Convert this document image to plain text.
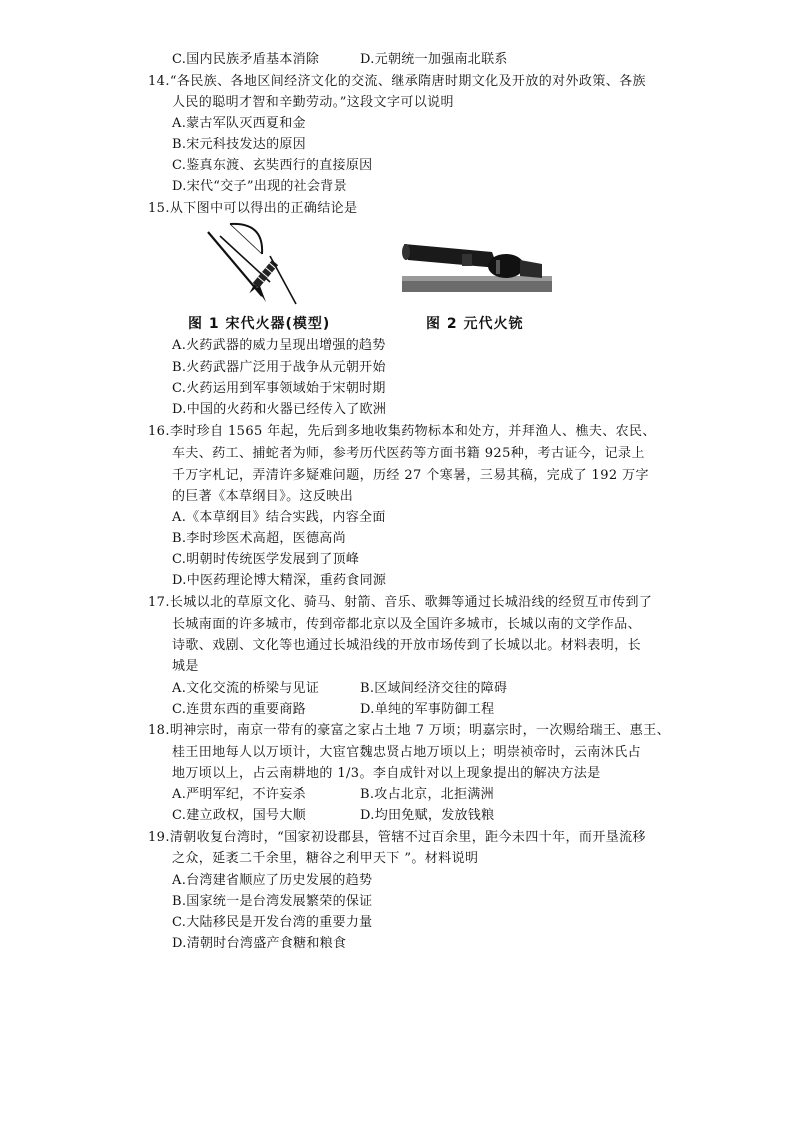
C.国内民族矛盾基本消除	D.元朝统一加强南北联系
14.“各民族、各地区间经济文化的交流、继承隋唐时期文化及开放的对外政策、各族
人民的聪明才智和辛勤劳动。”这段文字可以说明
A.蒙古军队灭西夏和金
B.宋元科技发达的原因
C.鉴真东渡、玄奘西行的直接原因
D.宋代“交子”出现的社会背景
15.从下图中可以得出的正确结论是
图 1 宋代火器(模型)	图 2 元代火铳
A.火药武器的威力呈现出增强的趋势
B.火药武器广泛用于战争从元朝开始
C.火药运用到军事领域始于宋朝时期
D.中国的火药和火器已经传入了欧洲
16.李时珍自 1565 年起，先后到多地收集药物标本和处方，并拜渔人、樵夫、农民、
车夫、药工、捕蛇者为师，参考历代医药等方面书籍 925种，考古证今，记录上
千万字札记，弄清许多疑难问题，历经 27 个寒暑，三易其稿，完成了 192 万字
的巨著《本草纲目》。这反映出
A.《本草纲目》结合实践，内容全面
B.李时珍医术高超，医德高尚
C.明朝时传统医学发展到了顶峰
D.中医药理论博大精深，重药食同源
17.长城以北的草原文化、骑马、射箭、音乐、歌舞等通过长城沿线的经贸互市传到了
长城南面的许多城市，传到帝都北京以及全国许多城市，长城以南的文学作品、
诗歌、戏剧、文化等也通过长城沿线的开放市场传到了长城以北。材料表明，长
城是
A.文化交流的桥梁与见证	B.区域间经济交往的障碍
C.连贯东西的重要商路	D.单纯的军事防御工程
18.明神宗时，南京一带有的豪富之家占土地 7 万顷；明嘉宗时，一次赐给瑞王、惠王、
桂王田地每人以万顷计，大宦官魏忠贤占地万顷以上；明崇祯帝时，云南沐氏占
地万顷以上，占云南耕地的 1/3。李自成针对以上现象提出的解决方法是
A.严明军纪，不许妄杀	B.攻占北京，北拒满洲
C.建立政权，国号大顺	D.均田免赋，发放钱粮
19.清朝收复台湾时，“国家初设郡县，管辖不过百余里，距今未四十年，而开垦流移
之众，延袤二千余里，糖谷之利甲天下 ”。材料说明
A.台湾建省顺应了历史发展的趋势
B.国家统一是台湾发展繁荣的保证
C.大陆移民是开发台湾的重要力量
D.清朝时台湾盛产食糖和粮食
